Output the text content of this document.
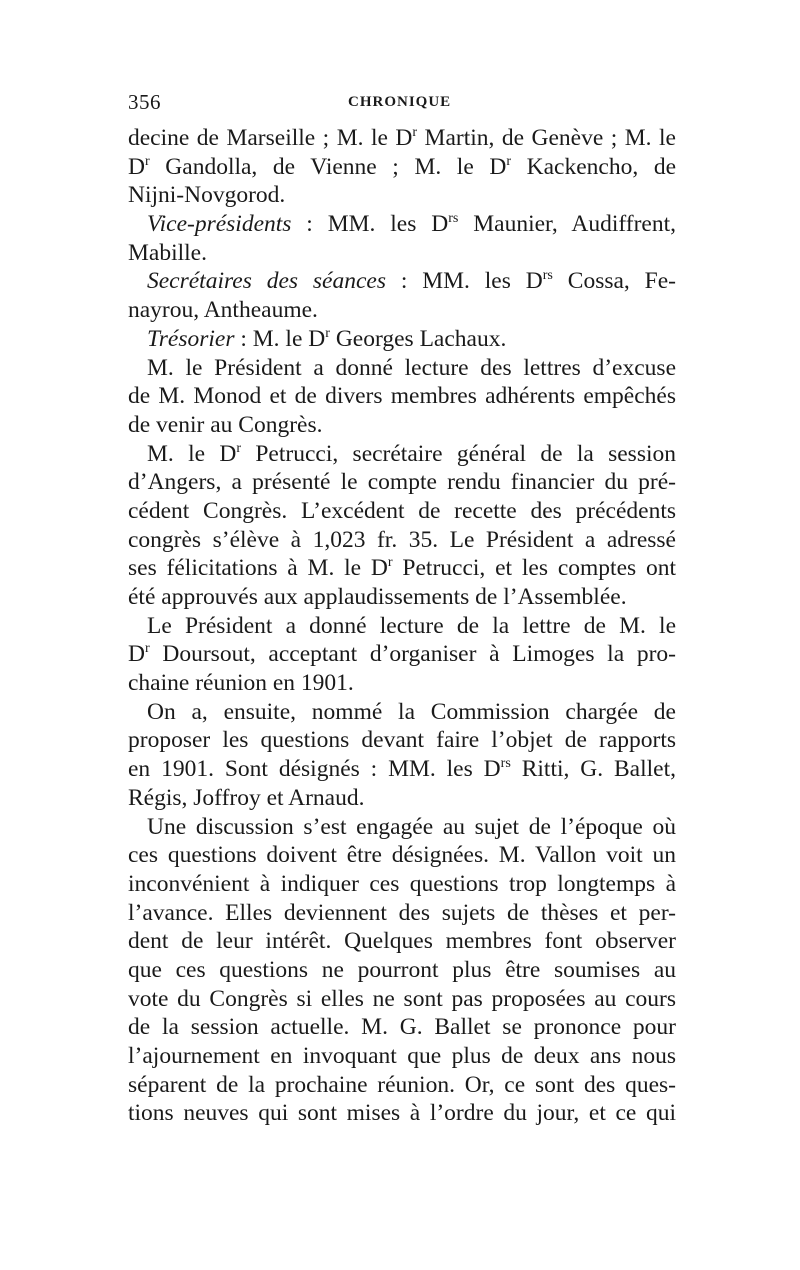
356	CHRONIQUE
decine de Marseille ; M. le $D^r$ Martin, de Genève ; M. le
$D^r$ Gandolla, de Vienne ; M. le $D^r$ Kackencho, de
Nijni-Novgorod.
Vice-présidents : MM. les $D^{rs}$ Maunier, Audiffrent,
Mabille.
Secrétaires des séances : MM. les $D^{rs}$ Cossa, Fe-
nayrou, Antheaume.
Trésorier : M. le $D^r$ Georges Lachaux.
M. le Président a donné lecture des lettres d’excuse
de M. Monod et de divers membres adhérents empêchés
de venir au Congrès.
M. le $D^r$ Petrucci, secrétaire général de la session
d’Angers, a présenté le compte rendu financier du pré-
cédent Congrès. L’excédent de recette des précédents
congrès s’élève à 1,023 fr. 35. Le Président a adressé
ses félicitations à M. le $D^r$ Petrucci, et les comptes ont
été approuvés aux applaudissements de l’Assemblée.
Le Président a donné lecture de la lettre de M. le
$D^r$ Doursout, acceptant d’organiser à Limoges la pro-
chaine réunion en 1901.
On a, ensuite, nommé la Commission chargée de
proposer les questions devant faire l’objet de rapports
en 1901. Sont désignés : MM. les $D^{rs}$ Ritti, G. Ballet,
Régis, Joffroy et Arnaud.
Une discussion s’est engagée au sujet de l’époque où
ces questions doivent être désignées. M. Vallon voit un
inconvénient à indiquer ces questions trop longtemps à
l’avance. Elles deviennent des sujets de thèses et per-
dent de leur intérêt. Quelques membres font observer
que ces questions ne pourront plus être soumises au
vote du Congrès si elles ne sont pas proposées au cours
de la session actuelle. M. G. Ballet se prononce pour
l’ajournement en invoquant que plus de deux ans nous
séparent de la prochaine réunion. Or, ce sont des ques-
tions neuves qui sont mises à l’ordre du jour, et ce qui
